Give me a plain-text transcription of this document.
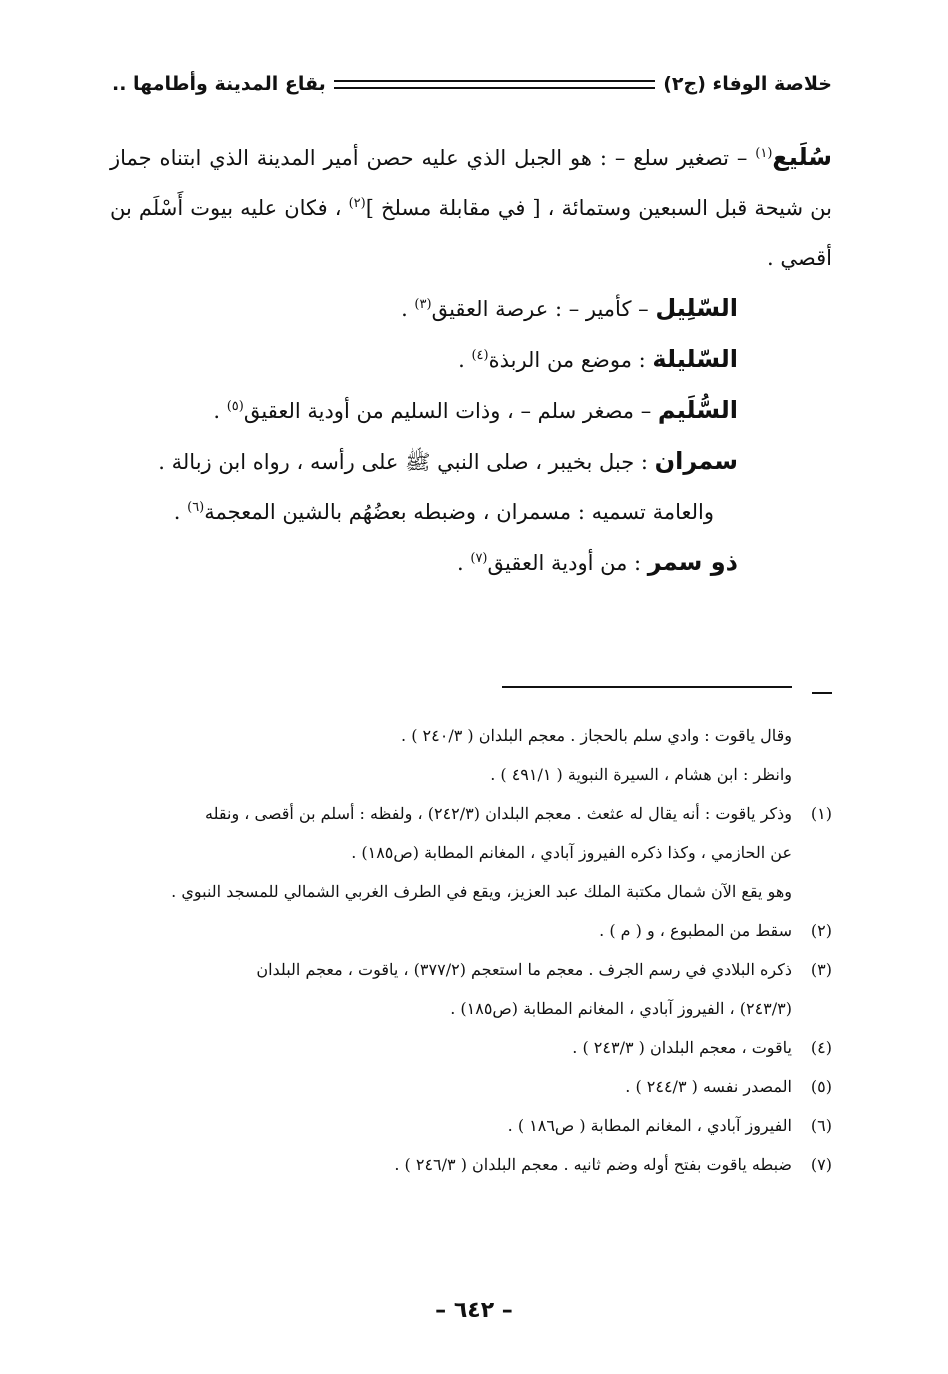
خلاصة الوفاء (ج٢)
بقاع المدينة وأطامها ..

سُلَيع$^{(١)}$ – تصغير سلع – : هو الجبل الذي عليه حصن أمير المدينة الذي ابتناه جماز بن شيحة قبل السبعين وستمائة ، [ في مقابلة مسلخ ]$^{(٢)}$ ، فكان عليه بيوت أَسْلَم بن أقصي .

السّلِيل – كأمير – : عرصة العقيق$^{(٣)}$ .

السّليلة : موضع من الربذة$^{(٤)}$ .

السُّلَيم – مصغر سلم – ، وذات السليم من أودية العقيق$^{(٥)}$ .

سمران : جبل بخيبر ، صلى النبي ﷺ على رأسه ، رواه ابن زبالة .

والعامة تسميه : مسمران ، وضبطه بعضُهُم بالشين المعجمة$^{(٦)}$ .

ذو سمر : من أودية العقيق$^{(٧)}$ .

وقال ياقوت : وادي سلم بالحجاز . معجم البلدان ( ٢٤٠/٣ ) .
وانظر : ابن هشام ، السيرة النبوية ( ٤٩١/١ ) .
(١)
وذكر ياقوت : أنه يقال له عثعث . معجم البلدان (٢٤٢/٣) ، ولفظه : أسلم بن أقصى ، ونقله
عن الحازمي ، وكذا ذكره الفيروز آبادي ، المغانم المطابة (ص١٨٥) .
وهو يقع الآن شمال مكتبة الملك عبد العزيز، ويقع في الطرف الغربي الشمالي للمسجد النبوي .
(٢)
سقط من المطبوع ، و ( م ) .
(٣)
ذكره البلادي في رسم الجرف . معجم ما استعجم (٣٧٧/٢) ، ياقوت ، معجم البلدان
(٢٤٣/٣) ، الفيروز آبادي ، المغانم المطابة (ص١٨٥) .
(٤)
ياقوت ، معجم البلدان ( ٢٤٣/٣ ) .
(٥)
المصدر نفسه ( ٢٤٤/٣ ) .
(٦)
الفيروز آبادي ، المغانم المطابة ( ص١٨٦ ) .
(٧)
ضبطه ياقوت بفتح أوله وضم ثانيه . معجم البلدان ( ٢٤٦/٣ ) .
– ٦٤٢ –
